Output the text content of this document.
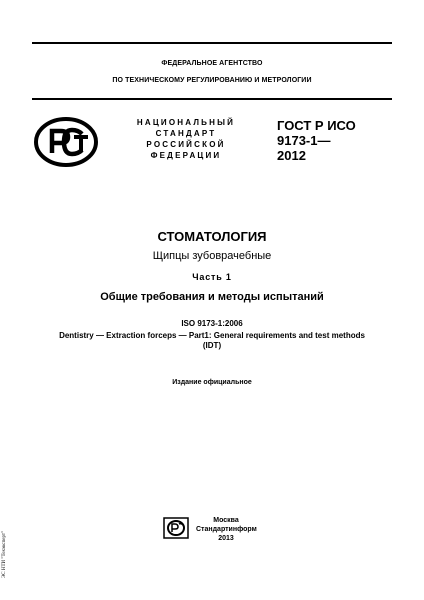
ФЕДЕРАЛЬНОЕ АГЕНТСТВО
ПО ТЕХНИЧЕСКОМУ РЕГУЛИРОВАНИЮ И МЕТРОЛОГИИ
НАЦИОНАЛЬНЫЙ
СТАНДАРТ
РОССИЙСКОЙ
ФЕДЕРАЦИИ
ГОСТ Р ИСО
9173-1—
2012
СТОМАТОЛОГИЯ
Щипцы зубоврачебные
Часть 1
Общие требования и методы испытаний
ISO 9173-1:2006
Dentistry — Extraction forceps — Part1: General requirements and test methods
(IDT)
Издание официальное
Москва
Стандартинформ
2013
ЭС НТИ "Техэксперт"
